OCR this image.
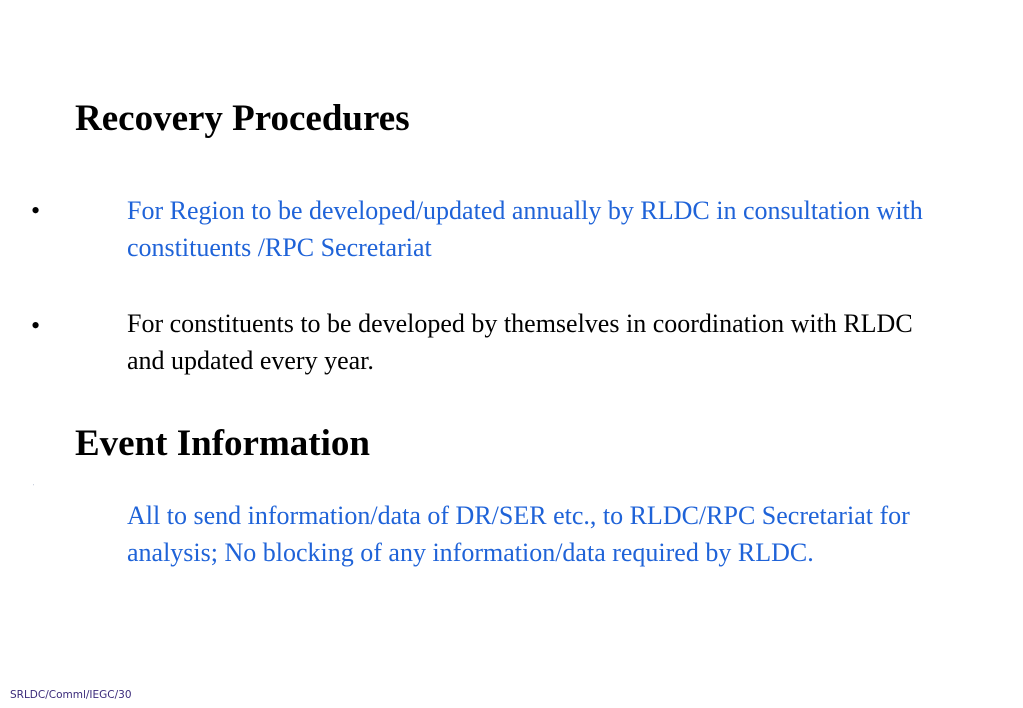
Recovery Procedures
•	For Region to be developed/updated annually by RLDC in consultation with constituents /RPC Secretariat

•	For constituents to be developed by themselves in coordination with RLDC and updated every year.

Event Information
'

All to send information/data of DR/SER etc., to RLDC/RPC Secretariat for analysis; No blocking of any information/data required by RLDC.

SRLDC/Comml/IEGC/30
